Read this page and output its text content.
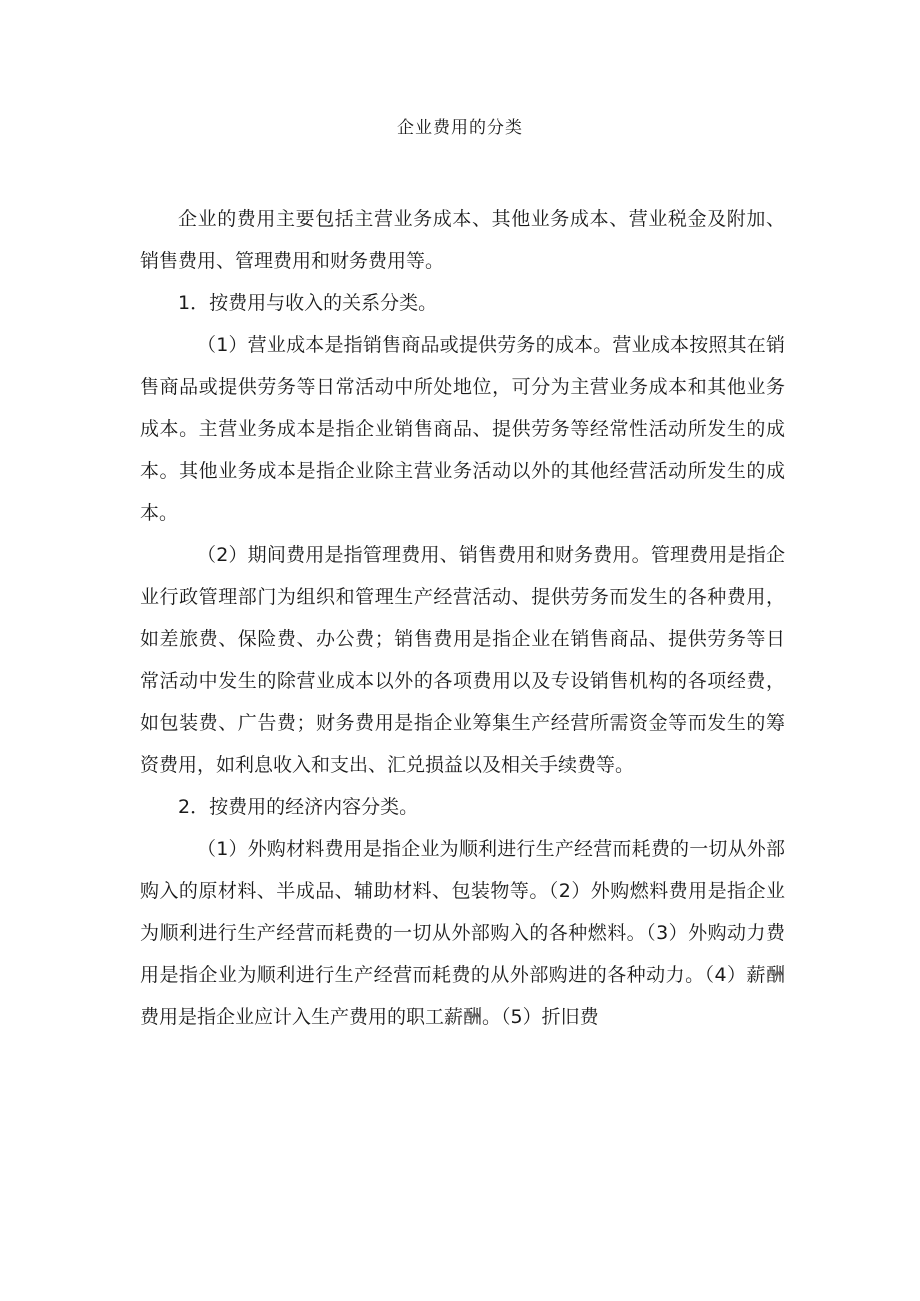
企业费用的分类

企业的费用主要包括主营业务成本、其他业务成本、营业税金及附加、销售费用、管理费用和财务费用等。

1．按费用与收入的关系分类。

（1）营业成本是指销售商品或提供劳务的成本。营业成本按照其在销售商品或提供劳务等日常活动中所处地位，可分为主营业务成本和其他业务成本。主营业务成本是指企业销售商品、提供劳务等经常性活动所发生的成本。其他业务成本是指企业除主营业务活动以外的其他经营活动所发生的成本。

（2）期间费用是指管理费用、销售费用和财务费用。管理费用是指企业行政管理部门为组织和管理生产经营活动、提供劳务而发生的各种费用，如差旅费、保险费、办公费；销售费用是指企业在销售商品、提供劳务等日常活动中发生的除营业成本以外的各项费用以及专设销售机构的各项经费，如包装费、广告费；财务费用是指企业筹集生产经营所需资金等而发生的筹资费用，如利息收入和支出、汇兑损益以及相关手续费等。

2．按费用的经济内容分类。

（1）外购材料费用是指企业为顺利进行生产经营而耗费的一切从外部购入的原材料、半成品、辅助材料、包装物等。（2）外购燃料费用是指企业为顺利进行生产经营而耗费的一切从外部购入的各种燃料。（3）外购动力费用是指企业为顺利进行生产经营而耗费的从外部购进的各种动力。（4）薪酬费用是指企业应计入生产费用的职工薪酬。（5）折旧费
